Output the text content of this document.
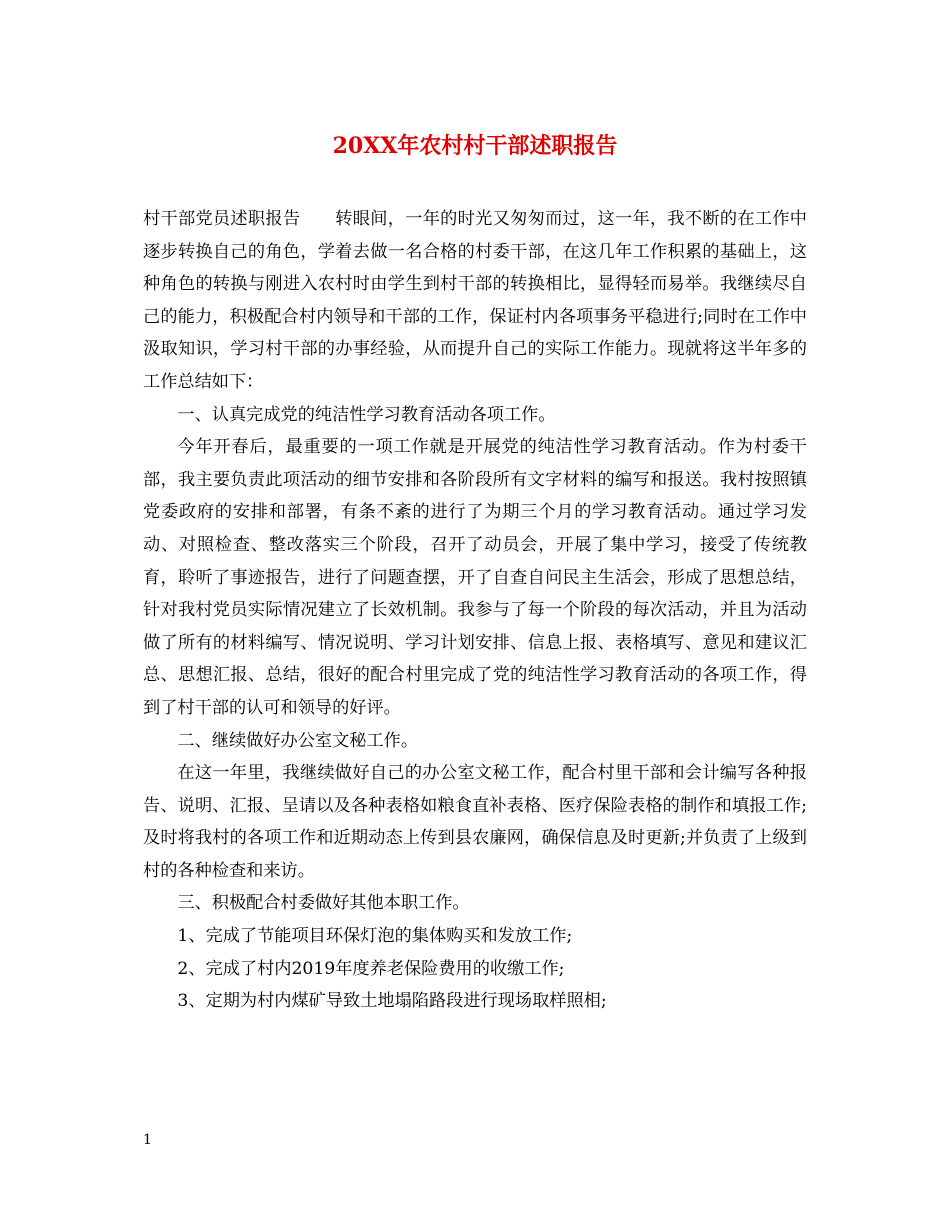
20XX年农村村干部述职报告

村干部党员述职报告　　转眼间，一年的时光又匆匆而过，这一年，我不断的在工作中逐步转换自己的角色，学着去做一名合格的村委干部，在这几年工作积累的基础上，这种角色的转换与刚进入农村时由学生到村干部的转换相比，显得轻而易举。我继续尽自己的能力，积极配合村内领导和干部的工作，保证村内各项事务平稳进行;同时在工作中汲取知识，学习村干部的办事经验，从而提升自己的实际工作能力。现就将这半年多的工作总结如下：

一、认真完成党的纯洁性学习教育活动各项工作。

今年开春后，最重要的一项工作就是开展党的纯洁性学习教育活动。作为村委干部，我主要负责此项活动的细节安排和各阶段所有文字材料的编写和报送。我村按照镇党委政府的安排和部署，有条不紊的进行了为期三个月的学习教育活动。通过学习发动、对照检查、整改落实三个阶段，召开了动员会，开展了集中学习，接受了传统教育，聆听了事迹报告，进行了问题查摆，开了自查自问民主生活会，形成了思想总结，针对我村党员实际情况建立了长效机制。我参与了每一个阶段的每次活动，并且为活动做了所有的材料编写、情况说明、学习计划安排、信息上报、表格填写、意见和建议汇总、思想汇报、总结，很好的配合村里完成了党的纯洁性学习教育活动的各项工作，得到了村干部的认可和领导的好评。

二、继续做好办公室文秘工作。

在这一年里，我继续做好自己的办公室文秘工作，配合村里干部和会计编写各种报告、说明、汇报、呈请以及各种表格如粮食直补表格、医疗保险表格的制作和填报工作;及时将我村的各项工作和近期动态上传到县农廉网，确保信息及时更新;并负责了上级到村的各种检查和来访。

三、积极配合村委做好其他本职工作。

1、完成了节能项目环保灯泡的集体购买和发放工作;

2、完成了村内2019年度养老保险费用的收缴工作;

3、定期为村内煤矿导致土地塌陷路段进行现场取样照相;

1
